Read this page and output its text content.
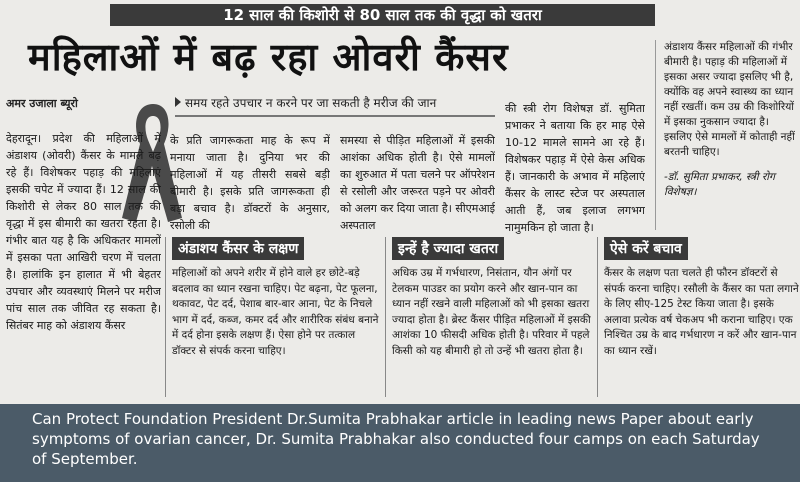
12 साल की किशोरी से 80 साल तक की वृद्धा को खतरा
महिलाओं में बढ़ रहा ओवरी कैंसर
अमर उजाला ब्यूरो	समय रहते उपचार न करने पर जा सकती है मरीज की जान
देहरादून। प्रदेश की महिलाओं में अंडाशय (ओवरी) कैंसर के मामले बढ़ रहे हैं। विशेषकर पहाड़ की महिलाएं इसकी चपेट में ज्यादा हैं। 12 साल की किशोरी से लेकर 80 साल तक की वृद्धा में इस बीमारी का खतरा रहता है। गंभीर बात यह है कि अधिकतर मामलों में इसका पता आखिरी चरण में चलता है। हालांकि इन हालात में भी बेहतर उपचार और व्यवस्थाएं मिलने पर मरीज पांच साल तक जीवित रह सकता है। सितंबर माह को अंडाशय कैंसर
के प्रति जागरूकता माह के रूप में मनाया जाता है। दुनिया भर की महिलाओं में यह तीसरी सबसे बड़ी बीमारी है। इसके प्रति जागरूकता ही बड़ा बचाव है। डॉक्टरों के अनुसार, रसोली की
समस्या से पीड़ित महिलाओं में इसकी आशंका अधिक होती है। ऐसे मामलों का शुरुआत में पता चलने पर ऑपरेशन से रसोली और जरूरत पड़ने पर ओवरी को अलग कर दिया जाता है। सीएमआई अस्पताल
की स्त्री रोग विशेषज्ञ डॉ. सुमिता प्रभाकर ने बताया कि हर माह ऐसे 10-12 मामले सामने आ रहे हैं। विशेषकर पहाड़ में ऐसे केस अधिक हैं। जानकारी के अभाव में महिलाएं कैंसर के लास्ट स्टेज पर अस्पताल आती हैं, जब इलाज लगभग नामुमकिन हो जाता है।
अंडाशय कैंसर महिलाओं की गंभीर बीमारी है। पहाड़ की महिलाओं में इसका असर ज्यादा इसलिए भी है, क्योंकि वह अपने स्वास्थ्य का ध्यान नहीं रखतीं। कम उम्र की किशोरियों में इसका नुकसान ज्यादा है। इसलिए ऐसे मामलों में कोताही नहीं बरतनी चाहिए।
-डॉ. सुमिता प्रभाकर, स्त्री रोग विशेषज्ञ।
अंडाशय कैंसर के लक्षण

महिलाओं को अपने शरीर में होने वाले हर छोटे-बड़े बदलाव का ध्यान रखना चाहिए। पेट बढ़ना, पेट फूलना, थकावट, पेट दर्द, पेशाब बार-बार आना, पेट के निचले भाग में दर्द, कब्ज, कमर दर्द और शारीरिक संबंध बनाने में दर्द होना इसके लक्षण हैं। ऐसा होने पर तत्काल डॉक्टर से संपर्क करना चाहिए।

इन्हें है ज्यादा खतरा

अधिक उम्र में गर्भधारण, निसंतान, यौन अंगों पर टेलकम पाउडर का प्रयोग करने और खान-पान का ध्यान नहीं रखने वाली महिलाओं को भी इसका खतरा ज्यादा होता है। ब्रेस्ट कैंसर पीड़ित महिलाओं में इसकी आशंका 10 फीसदी अधिक होती है। परिवार में पहले किसी को यह बीमारी हो तो उन्हें भी खतरा होता है।

ऐसे करें बचाव

कैंसर के लक्षण पता चलते ही फौरन डॉक्टरों से संपर्क करना चाहिए। रसौली के कैंसर का पता लगाने के लिए सीए-125 टेस्ट किया जाता है। इसके अलावा प्रत्येक वर्ष चेकअप भी कराना चाहिए। एक निश्चित उम्र के बाद गर्भधारण न करें और खान-पान का ध्यान रखें।

Can Protect Foundation President Dr.Sumita Prabhakar article in leading news Paper about early symptoms of ovarian cancer, Dr. Sumita Prabhakar also conducted four camps on each Saturday of September.
